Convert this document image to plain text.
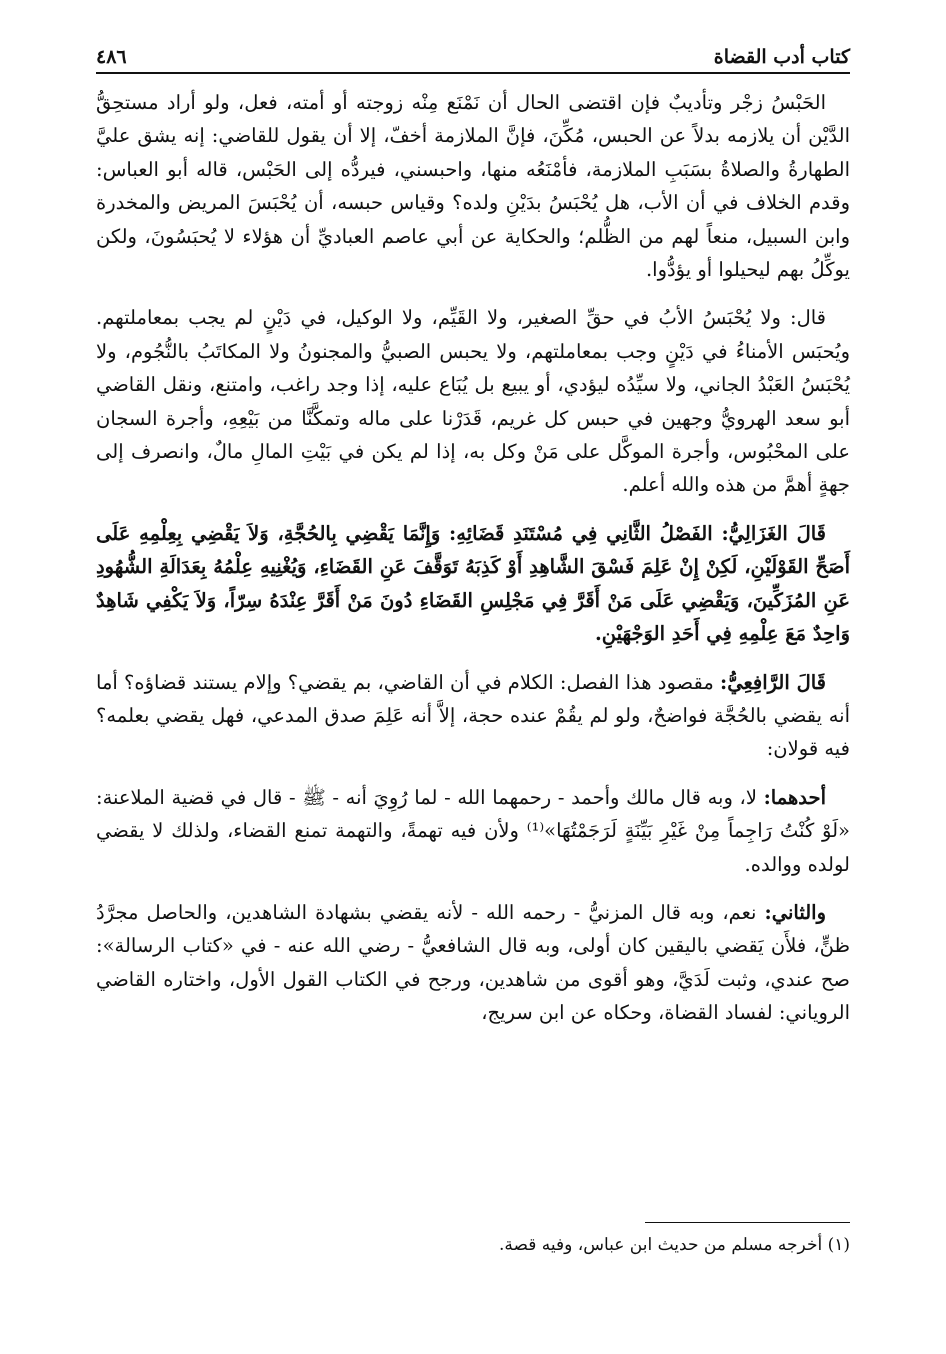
كتاب أدب القضاة
٤٨٦

الحَبْسُ زجْر وتأديبٌ فإن اقتضى الحال أن نَمْنَع مِنْه زوجته أو أمته، فعل، ولو أراد مستحِقُّ الدَّيْن أن يلازمه بدلاً عن الحبس، مُكِّنَ، فإنَّ الملازمة أخفّ، إلا أن يقول للقاضي: إنه يشق عليَّ الطهارةُ والصلاةُ بسَبَبِ الملازمة، فأمْنَعُه منها، واحبسني، فيردُّه إلى الحَبْس، قاله أبو العباس: وقدم الخلاف في أن الأب، هل يُحْبَسُ بدَيْنِ ولده؟ وقياس حبسه، أن يُحْبَسَ المريض والمخدرة وابن السبيل، منعاً لهم من الظُّلم؛ والحكاية عن أبي عاصم العباديِّ أن هؤلاء لا يُحبَسُونَ، ولكن يوكِّلُ بهم ليحيلوا أو يؤدُّوا.

قال: ولا يُحْبَسُ الأبُ في حقِّ الصغير، ولا القَيِّم، ولا الوكيل، في دَيْنٍ لم يجب بمعاملتهم. ويُحبَس الأمناءُ في دَيْنٍ وجب بمعاملتهم، ولا يحبس الصبيُّ والمجنونُ ولا المكاتَبُ بالنُّجُوم، ولا يُحْبَسُ العَبْدُ الجاني، ولا سيِّدُه ليؤدي، أو يبيع بل يُبَاع عليه، إذا وجد راغب، وامتنع، ونقل القاضي أبو سعد الهرويُّ وجهين في حبس كل غريم، قَدَرْنا على ماله وتمكَّنَّا من بَيْعِهِ، وأجرة السجان على المحْبُوس، وأجرة الموكَّل على مَنْ وكل به، إذا لم يكن في بَيْتِ المالِ مالٌ، وانصرف إلى جهةٍ أهمَّ من هذه والله أعلم.

قَالَ الغَزَالِيُّ: الفَصْلُ الثَّانِي فِي مُسْتَنَدِ قَضَائِهِ: وَإِنَّمَا يَقْضِي بِالحُجَّةِ، وَلاَ يَقْضِي بِعِلْمِهِ عَلَى أَصَحِّ القَوْلَيْنِ، لَكِنْ إِنْ عَلِمَ فَسْقَ الشَّاهِدِ أَوْ كَذِبَهُ تَوَقَّفَ عَنِ القَضَاءِ، وَيُغْنِيهِ عِلْمُهُ بِعَدَالَةِ الشُّهُودِ عَنِ المُزَكِّينَ، وَيَقْضِي عَلَى مَنْ أَقَرَّ فِي مَجْلِسِ القَضَاءِ دُونَ مَنْ أَقَرَّ عِنْدَهُ سِرّاً، وَلاَ يَكْفِي شَاهِدٌ وَاحِدٌ مَعَ عِلْمِهِ فِي أَحَدِ الوَجْهَيْنِ.

قَالَ الرَّافِعِيُّ: مقصود هذا الفصل: الكلام في أن القاضي، بم يقضي؟ وإلام يستند قضاؤه؟ أما أنه يقضي بالحُجَّة فواضحٌ، ولو لم يقُمْ عنده حجة، إلاَّ أنه عَلِمَ صدق المدعي، فهل يقضي بعلمه؟ فيه قولان:

أحدهما: لا، وبه قال مالك وأحمد - رحمهما الله - لما رُوِيَ أنه - ﷺ - قال في قضية الملاعنة: «لَوْ كُنْتُ رَاجِماً مِنْ غَيْرِ بَيِّنَةٍ لَرَجَمْتُهَا»⁽¹⁾ ولأن فيه تهمةً، والتهمة تمنع القضاء، ولذلك لا يقضي لولده ووالده.

والثاني: نعم، وبه قال المزنيُّ - رحمه الله - لأنه يقضي بشهادة الشاهدين، والحاصل مجرَّدُ ظنٍّ، فلأَن يَقضي باليقين كان أولى، وبه قال الشافعيُّ - رضي الله عنه - في «كتاب الرسالة»: صح عندي، وثبت لَدَيَّ، وهو أقوى من شاهدين، ورجح في الكتاب القول الأول، واختاره القاضي الروياني: لفساد القضاة، وحكاه عن ابن سريج،

(١) أخرجه مسلم من حديث ابن عباس، وفيه قصة.
